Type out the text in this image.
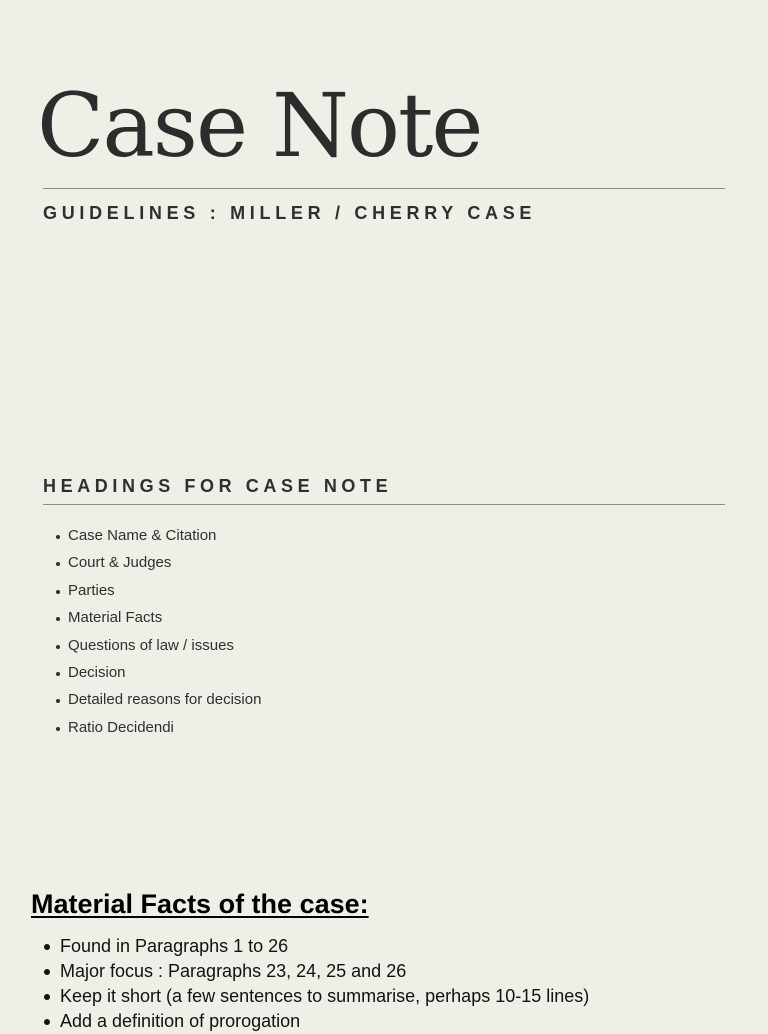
Case Note
GUIDELINES : MILLER / CHERRY CASE
HEADINGS FOR CASE NOTE
Case Name & Citation
Court & Judges
Parties
Material Facts
Questions of law / issues
Decision
Detailed reasons for decision
Ratio Decidendi
Material Facts of the case:
Found in Paragraphs 1 to 26
Major focus : Paragraphs 23, 24, 25 and 26
Keep it short (a few sentences to summarise, perhaps 10-15 lines)
Add a definition of prorogation
